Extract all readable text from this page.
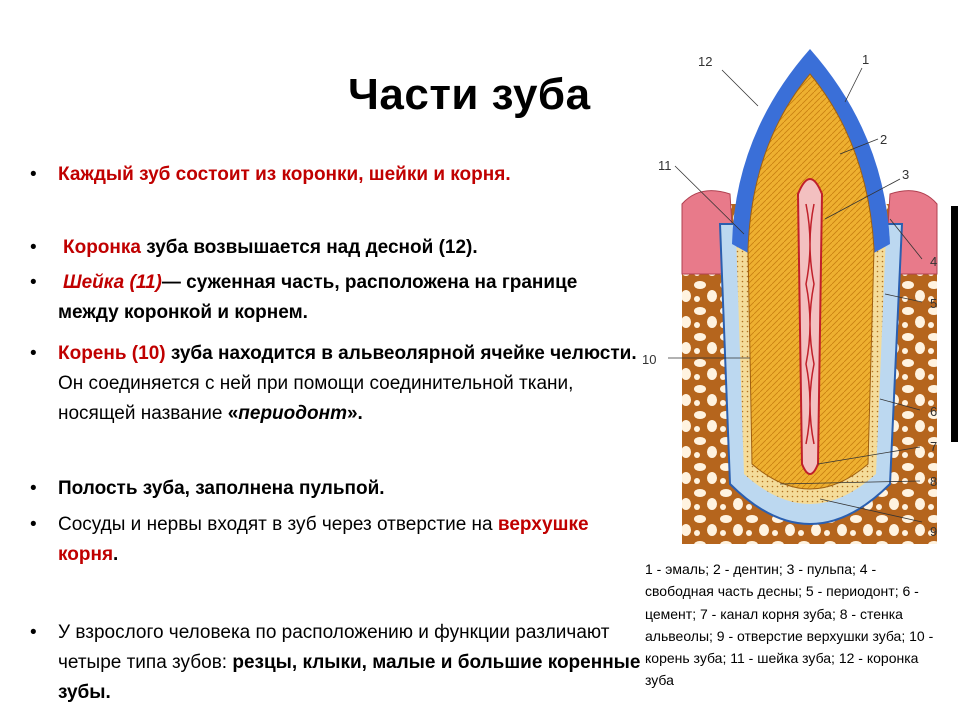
Части зуба
•	Каждый зуб состоит из коронки, шейки и корня.
•	Коронка зуба возвышается над десной (12).
•	Шейка (11)— суженная часть, расположена на границе между коронкой и корнем.
•	Корень (10) зуба находится в альвеолярной ячейке челюсти. Он соединяется с ней при помощи соединительной ткани, носящей название «периодонт».
•	Полость зуба, заполнена пульпой.
•	Сосуды и нервы входят в зуб через отверстие на верхушке корня.
•	У взрослого человека по расположению и функции различают четыре типа зубов: резцы, клыки, малые и большие коренные зубы.
12	1
2
3
4
5
6
7
8
9
10
11
1 - эмаль; 2 - дентин; 3 - пульпа; 4 - свободная часть десны; 5 - периодонт; 6 - цемент; 7 - канал корня зуба; 8 - стенка альвеолы; 9 - отверстие верхушки зуба; 10 - корень зуба; 11 - шейка зуба; 12 - коронка зуба
